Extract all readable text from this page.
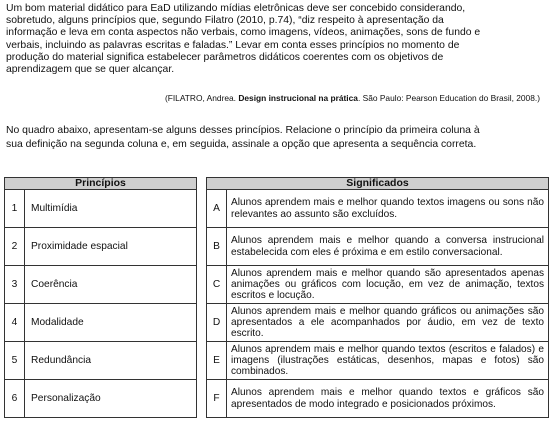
Um bom material didático para EaD utilizando mídias eletrônicas deve ser concebido considerando,

sobretudo, alguns princípios que, segundo Filatro (2010, p.74), “diz respeito à apresentação da

informação e leva em conta aspectos não verbais, como imagens, vídeos, animações, sons de fundo e

verbais, incluindo as palavras escritas e faladas.” Levar em conta esses princípios no momento de

produção do material significa estabelecer parâmetros didáticos coerentes com os objetivos de

aprendizagem que se quer alcançar.

(FILATRO, Andrea. Design instrucional na prática. São Paulo: Pearson Education do Brasil, 2008.)
No quadro abaixo, apresentam-se alguns desses princípios. Relacione o princípio da primeira coluna à
sua definição na segunda coluna e, em seguida, assinale a opção que apresenta a sequência correta.
Princípios	
1	Multimídia
2	Proximidade espacial
3	Coerência
4	Modalidade
5	Redundância
6	Personalização
Significados	
A	Alunos aprendem mais e melhor quando textos imagens ou sons não relevantes ao assunto são excluídos.
B	Alunos aprendem mais e melhor quando a conversa instrucional estabelecida com eles é próxima e em estilo conversacional.
C	Alunos aprendem mais e melhor quando são apresentados apenas animações ou gráficos com locução, em vez de animação, textos escritos e locução.
D	Alunos aprendem mais e melhor quando gráficos ou animações são apresentados a ele acompanhados por áudio, em vez de texto escrito.
E	Alunos aprendem mais e melhor quando textos (escritos e falados) e imagens (ilustrações estáticas, desenhos, mapas e fotos) são combinados.
F	Alunos aprendem mais e melhor quando textos e gráficos são apresentados de modo integrado e posicionados próximos.
